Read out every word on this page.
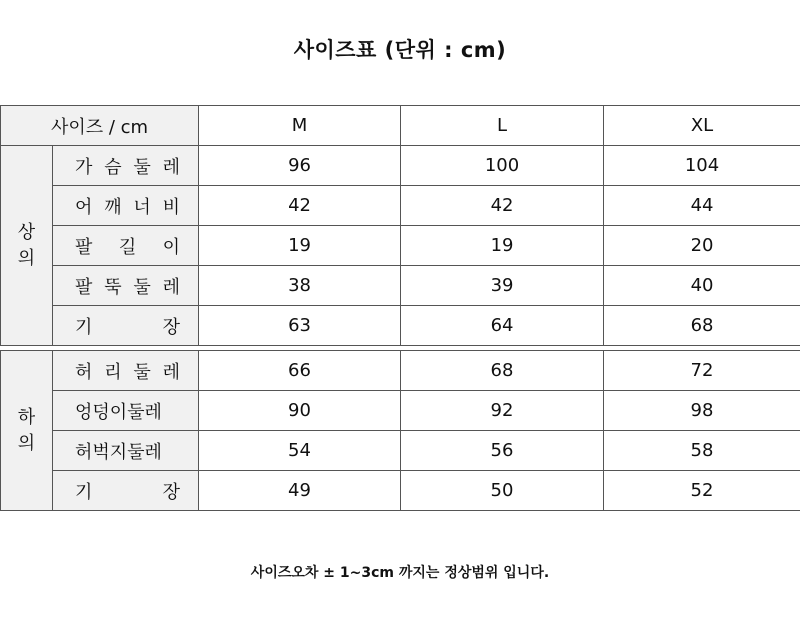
사이즈표 (단위 : cm)
사이즈 / cm		M	L	XL

상의	가 슴 둘 레	96	100	104
	어 깨 너 비	42	42	44
	팔 길 이	19	19	20
	팔 뚝 둘 레	38	39	40
	기 장	63	64	68
하의	허 리 둘 레	66	68	72
	엉덩이둘레	90	92	98
	허벅지둘레	54	56	58
	기 장	49	50	52
사이즈오차 ± 1~3cm 까지는 정상범위 입니다.
